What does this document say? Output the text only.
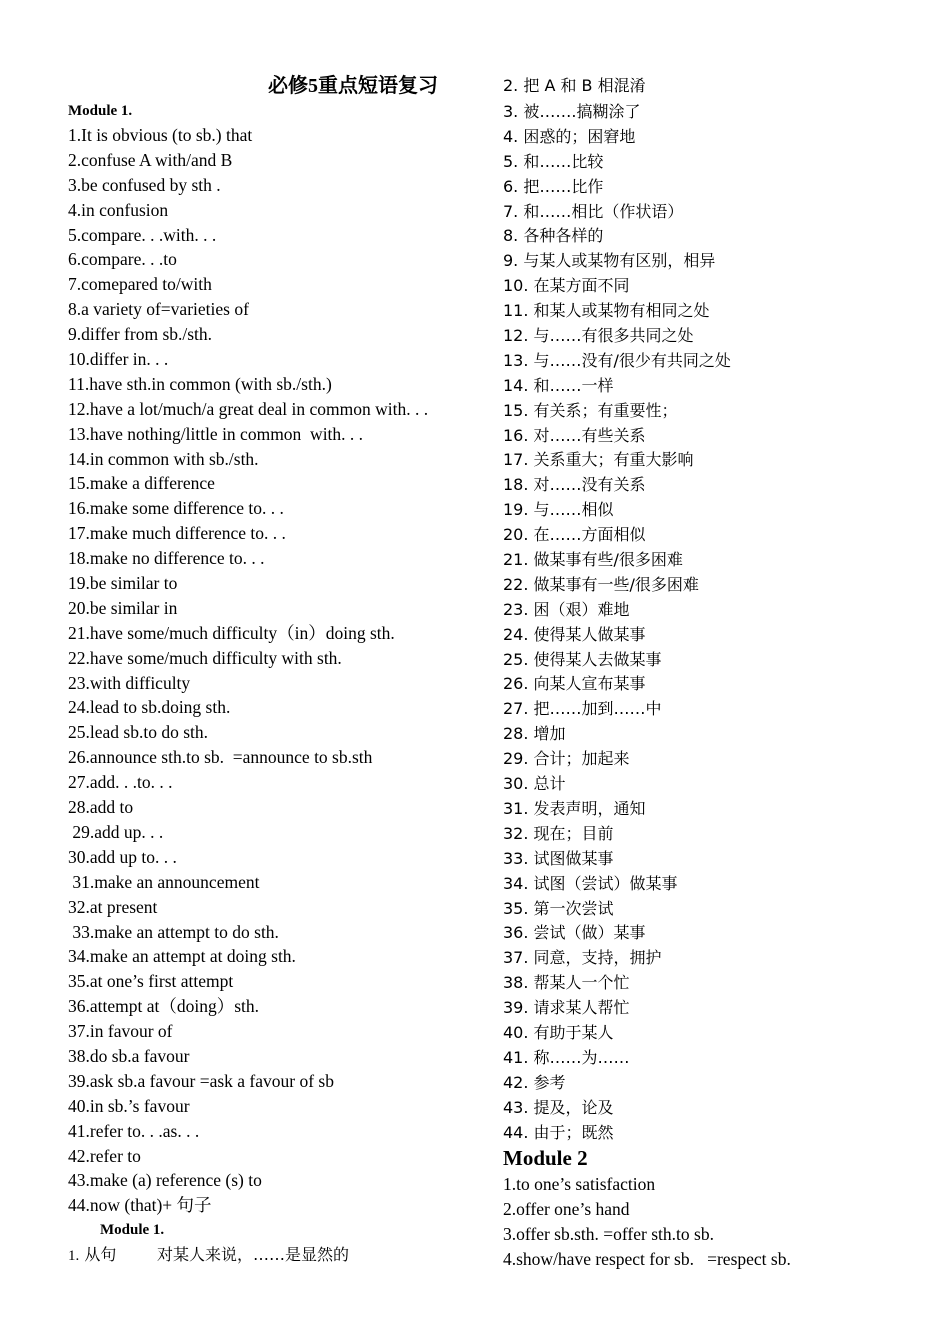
必修5重点短语复习
Module 1.
1.It is obvious (to sb.) that
2.confuse A with/and B
3.be confused by sth .
4.in confusion
5.compare. . .with. . .
6.compare. . .to
7.comepared to/with
8.a variety of=varieties of
9.differ from sb./sth.
10.differ in. . .
11.have sth.in common (with sb./sth.)
12.have a lot/much/a great deal in common with. . .
13.have nothing/little in common  with. . .
14.in common with sb./sth.
15.make a difference
16.make some difference to. . .
17.make much difference to. . .
18.make no difference to. . .
19.be similar to
20.be similar in
21.have some/much difficulty（in）doing sth.
22.have some/much difficulty with sth.
23.with difficulty
24.lead to sb.doing sth.
25.lead sb.to do sth.
26.announce sth.to sb.  =announce to sb.sth
27.add. . .to. . .
28.add to
29.add up. . .
30.add up to. . .
31.make an announcement
32.at present
33.make an attempt to do sth.
34.make an attempt at doing sth.
35.at one’s first attempt
36.attempt at（doing）sth.
37.in favour of
38.do sb.a favour
39.ask sb.a favour =ask a favour of sb
40.in sb.’s favour
41.refer to. . .as. . .
42.refer to
43.make (a) reference (s) to
44.now (that)+ 句子
Module 1.
1. 从句        对某人来说，……是显然的
2. 把 A 和 B 相混淆
3. 被…….搞糊涂了
4. 困惑的；困窘地
5. 和……比较
6. 把……比作
7. 和……相比（作状语）
8. 各种各样的
9. 与某人或某物有区别，相异
10. 在某方面不同
11. 和某人或某物有相同之处
12. 与……有很多共同之处
13. 与……没有/很少有共同之处
14. 和……一样
15. 有关系；有重要性；
16. 对……有些关系
17. 关系重大；有重大影响
18. 对……没有关系
19. 与……相似
20. 在……方面相似
21. 做某事有些/很多困难
22. 做某事有一些/很多困难
23. 困（艰）难地
24. 使得某人做某事
25. 使得某人去做某事
26. 向某人宣布某事
27. 把……加到……中
28. 增加
29. 合计；加起来
30. 总计
31. 发表声明，通知
32. 现在；目前
33. 试图做某事
34. 试图（尝试）做某事
35. 第一次尝试
36. 尝试（做）某事
37. 同意，支持，拥护
38. 帮某人一个忙
39. 请求某人帮忙
40. 有助于某人
41. 称……为……
42. 参考
43. 提及，论及
44. 由于；既然
Module 2
1.to one’s satisfaction
2.offer one’s hand
3.offer sb.sth. =offer sth.to sb.
4.show/have respect for sb.   =respect sb.
